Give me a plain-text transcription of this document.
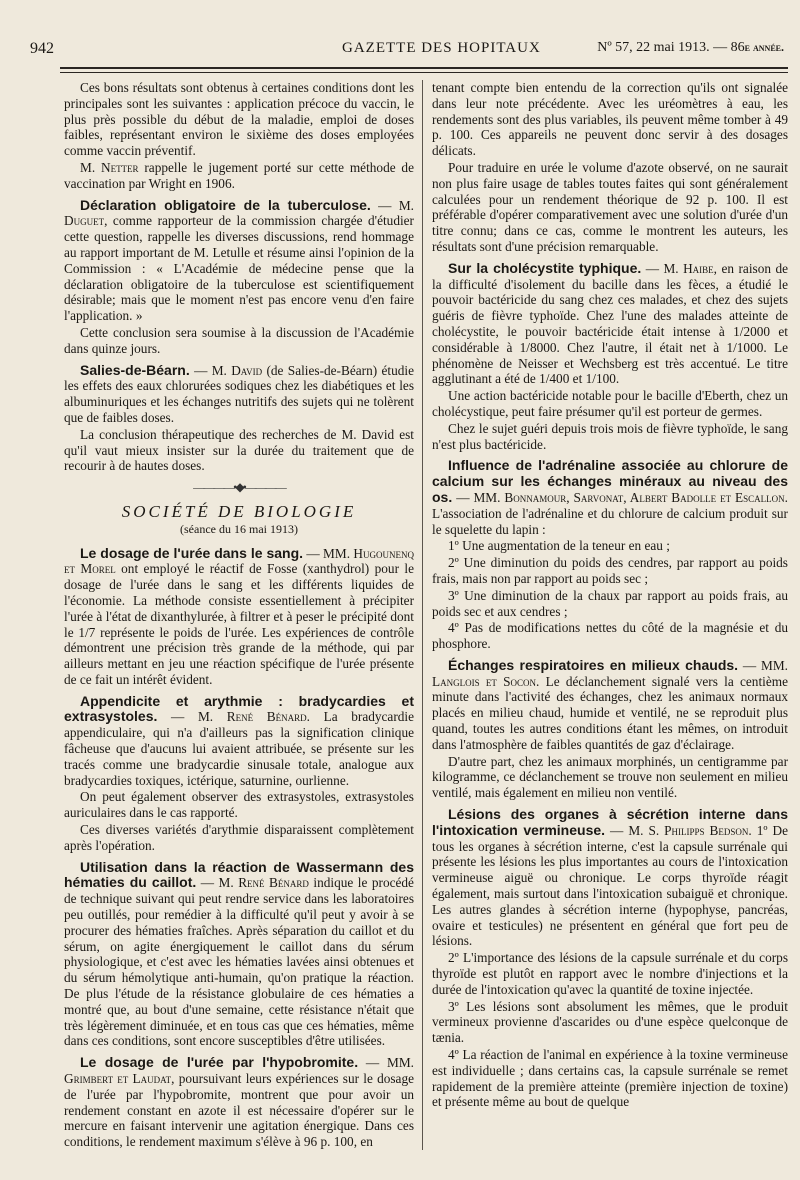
942	GAZETTE DES HOPITAUX	Nº 57, 22 mai 1913. — 86e année.

Ces bons résultats sont obtenus à certaines conditions dont les principales sont les suivantes : application précoce du vaccin, le plus près possible du début de la maladie, emploi de doses faibles, représentant environ le sixième des doses employées comme vaccin préventif.

M. Netter rappelle le jugement porté sur cette méthode de vaccination par Wright en 1906.

Déclaration obligatoire de la tuberculose. — M. Duguet, comme rapporteur de la commission chargée d'étudier cette question, rappelle les diverses discussions, rend hommage au rapport important de M. Letulle et résume ainsi l'opinion de la Commission : « L'Académie de médecine pense que la déclaration obligatoire de la tuberculose est scientifiquement désirable; mais que le moment n'est pas encore venu d'en faire l'application. »

Cette conclusion sera soumise à la discussion de l'Académie dans quinze jours.

Salies-de-Béarn. — M. David (de Salies-de-Béarn) étudie les effets des eaux chlorurées sodiques chez les diabétiques et les albuminuriques et les échanges nutritifs des sujets qui ne tolèrent que de faibles doses.

La conclusion thérapeutique des recherches de M. David est qu'il vaut mieux insister sur la durée du traitement que de recourir à de hautes doses.

————•◆•————
SOCIÉTÉ DE BIOLOGIE
(séance du 16 mai 1913)

Le dosage de l'urée dans le sang. — MM. Hugounenq et Morel ont employé le réactif de Fosse (xanthydrol) pour le dosage de l'urée dans le sang et les différents liquides de l'économie. La méthode consiste essentiellement à précipiter l'urée à l'état de dixanthylurée, à filtrer et à peser le précipité dont le 1/7 représente le poids de l'urée. Les expériences de contrôle démontrent une précision très grande de la méthode, qui par ailleurs mettant en jeu une réaction spécifique de l'urée présente de ce fait un intérêt évident.

Appendicite et arythmie : bradycardies et extrasystoles. — M. René Bénard. La bradycardie appendiculaire, qui n'a d'ailleurs pas la signification clinique fâcheuse que d'aucuns lui avaient attribuée, se présente sur les tracés comme une bradycardie sinusale totale, analogue aux bradycardies toxiques, ictérique, saturnine, ourlienne.

On peut également observer des extrasystoles, extrasystoles auriculaires dans le cas rapporté.

Ces diverses variétés d'arythmie disparaissent complètement après l'opération.

Utilisation dans la réaction de Wassermann des hématies du caillot. — M. René Bénard indique le procédé de technique suivant qui peut rendre service dans les laboratoires peu outillés, pour remédier à la difficulté qu'il peut y avoir à se procurer des hématies fraîches. Après séparation du caillot et du sérum, on agite énergiquement le caillot dans du sérum physiologique, et c'est avec les hématies lavées ainsi obtenues et du sérum hémolytique anti-humain, qu'on pratique la réaction. De plus l'étude de la résistance globulaire de ces hématies a montré que, au bout d'une semaine, cette résistance n'était que très légèrement diminuée, et en tous cas que ces hématies, même dans ces conditions, sont encore susceptibles d'être utilisées.

Le dosage de l'urée par l'hypobromite. — MM. Grimbert et Laudat, poursuivant leurs expériences sur le dosage de l'urée par l'hypobromite, montrent que pour avoir un rendement constant en azote il est nécessaire d'opérer sur le mercure en faisant intervenir une agitation énergique. Dans ces conditions, le rendement maximum s'élève à 96 p. 100, en

tenant compte bien entendu de la correction qu'ils ont signalée dans leur note précédente. Avec les uréomètres à eau, les rendements sont des plus variables, ils peuvent même tomber à 49 p. 100. Ces appareils ne peuvent donc servir à des dosages délicats.

Pour traduire en urée le volume d'azote observé, on ne saurait non plus faire usage de tables toutes faites qui sont généralement calculées pour un rendement théorique de 92 p. 100. Il est préférable d'opérer comparativement avec une solution d'urée d'un titre connu; dans ce cas, comme le montrent les auteurs, les résultats sont d'une précision remarquable.

Sur la cholécystite typhique. — M. Haibe, en raison de la difficulté d'isolement du bacille dans les fèces, a étudié le pouvoir bactéricide du sang chez ces malades, et chez des sujets guéris de fièvre typhoïde. Chez l'une des malades atteinte de cholécystite, le pouvoir bactéricide était intense à 1/2000 et considérable à 1/8000. Chez l'autre, il était net à 1/1000. Le phénomène de Neisser et Wechsberg est très accentué. Le titre agglutinant a été de 1/400 et 1/100.

Une action bactéricide notable pour le bacille d'Eberth, chez un cholécystique, peut faire présumer qu'il est porteur de germes.

Chez le sujet guéri depuis trois mois de fièvre typhoïde, le sang n'est plus bactéricide.

Influence de l'adrénaline associée au chlorure de calcium sur les échanges minéraux au niveau des os. — MM. Bonnamour, Sarvonat, Albert Badolle et Escallon. L'association de l'adrénaline et du chlorure de calcium produit sur le squelette du lapin :

1º Une augmentation de la teneur en eau ;

2º Une diminution du poids des cendres, par rapport au poids frais, mais non par rapport au poids sec ;

3º Une diminution de la chaux par rapport au poids frais, au poids sec et aux cendres ;

4º Pas de modifications nettes du côté de la magnésie et du phosphore.

Échanges respiratoires en milieux chauds. — MM. Langlois et Socon. Le déclanchement signalé vers la centième minute dans l'activité des échanges, chez les animaux normaux placés en milieu chaud, humide et ventilé, ne se reproduit plus quand, toutes les autres conditions étant les mêmes, on introduit dans l'atmosphère de faibles quantités de gaz d'éclairage.

D'autre part, chez les animaux morphinés, un centigramme par kilogramme, ce déclanchement se trouve non seulement en milieu ventilé, mais également en milieu non ventilé.

Lésions des organes à sécrétion interne dans l'intoxication vermineuse. — M. S. Philipps Bedson. 1º De tous les organes à sécrétion interne, c'est la capsule surrénale qui présente les lésions les plus importantes au cours de l'intoxication vermineuse aiguë ou chronique. Le corps thyroïde réagit également, mais surtout dans l'intoxication subaiguë et chronique. Les autres glandes à sécrétion interne (hypophyse, pancréas, ovaire et testicules) ne présentent en général que fort peu de lésions.

2º L'importance des lésions de la capsule surrénale et du corps thyroïde est plutôt en rapport avec le nombre d'injections et la durée de l'intoxication qu'avec la quantité de toxine injectée.

3º Les lésions sont absolument les mêmes, que le produit vermineux provienne d'ascarides ou d'une espèce quelconque de tænia.

4º La réaction de l'animal en expérience à la toxine vermineuse est individuelle ; dans certains cas, la capsule surrénale se remet rapidement de la première atteinte (première injection de toxine) et présente même au bout de quelque
